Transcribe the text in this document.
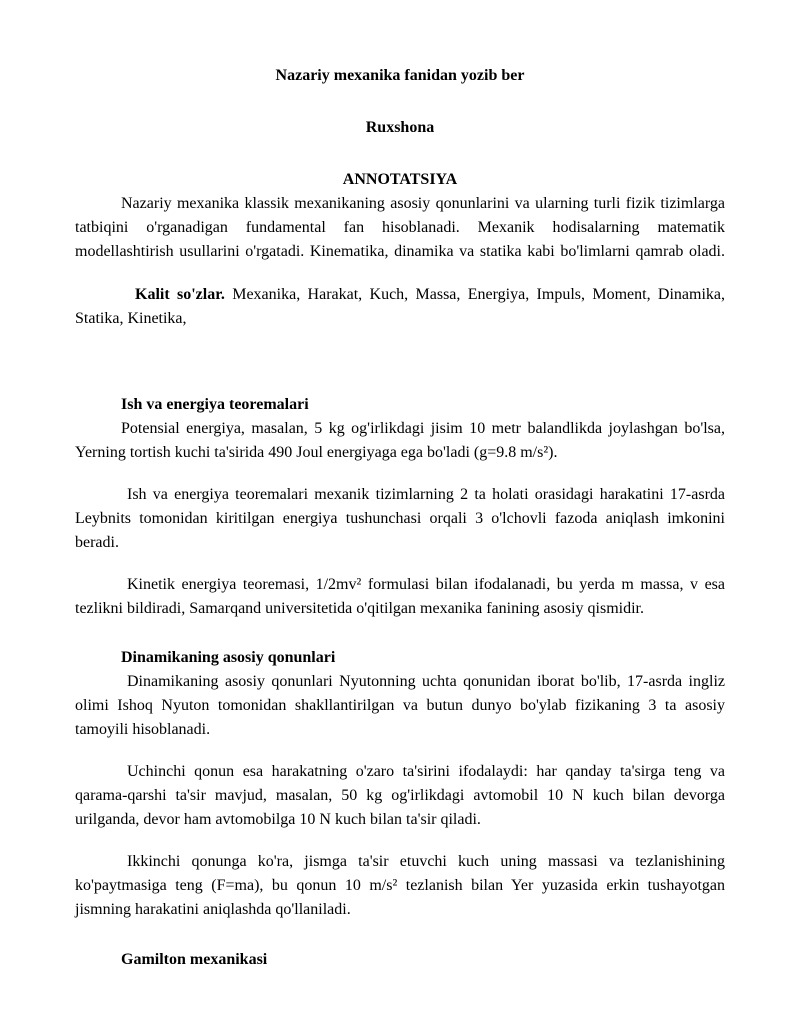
Nazariy mexanika fanidan yozib ber

Ruxshona

ANNOTATSIYA

Nazariy mexanika klassik mexanikaning asosiy qonunlarini va ularning turli fizik tizimlarga tatbiqini o'rganadigan fundamental fan hisoblanadi. Mexanik hodisalarning matematik modellashtirish usullarini o'rgatadi. Kinematika, dinamika va statika kabi bo'limlarni qamrab oladi.

Kalit so'zlar. Mexanika, Harakat, Kuch, Massa, Energiya, Impuls, Moment, Dinamika, Statika, Kinetika,

Ish va energiya teoremalari

Potensial energiya, masalan, 5 kg og'irlikdagi jisim 10 metr balandlikda joylashgan bo'lsa, Yerning tortish kuchi ta'sirida 490 Joul energiyaga ega bo'ladi (g=9.8 m/s²).

Ish va energiya teoremalari mexanik tizimlarning 2 ta holati orasidagi harakatini 17-asrda Leybnits tomonidan kiritilgan energiya tushunchasi orqali 3 o'lchovli fazoda aniqlash imkonini beradi.

Kinetik energiya teoremasi, 1/2mv² formulasi bilan ifodalanadi, bu yerda m massa, v esa tezlikni bildiradi, Samarqand universitetida o'qitilgan mexanika fanining asosiy qismidir.

Dinamikaning asosiy qonunlari

Dinamikaning asosiy qonunlari Nyutonning uchta qonunidan iborat bo'lib, 17-asrda ingliz olimi Ishoq Nyuton tomonidan shakllantirilgan va butun dunyo bo'ylab fizikaning 3 ta asosiy tamoyili hisoblanadi.

Uchinchi qonun esa harakatning o'zaro ta'sirini ifodalaydi: har qanday ta'sirga teng va qarama-qarshi ta'sir mavjud, masalan, 50 kg og'irlikdagi avtomobil 10 N kuch bilan devorga urilganda, devor ham avtomobilga 10 N kuch bilan ta'sir qiladi.

Ikkinchi qonunga ko'ra, jismga ta'sir etuvchi kuch uning massasi va tezlanishining ko'paytmasiga teng (F=ma), bu qonun 10 m/s² tezlanish bilan Yer yuzasida erkin tushayotgan jismning harakatini aniqlashda qo'llaniladi.

Gamilton mexanikasi
